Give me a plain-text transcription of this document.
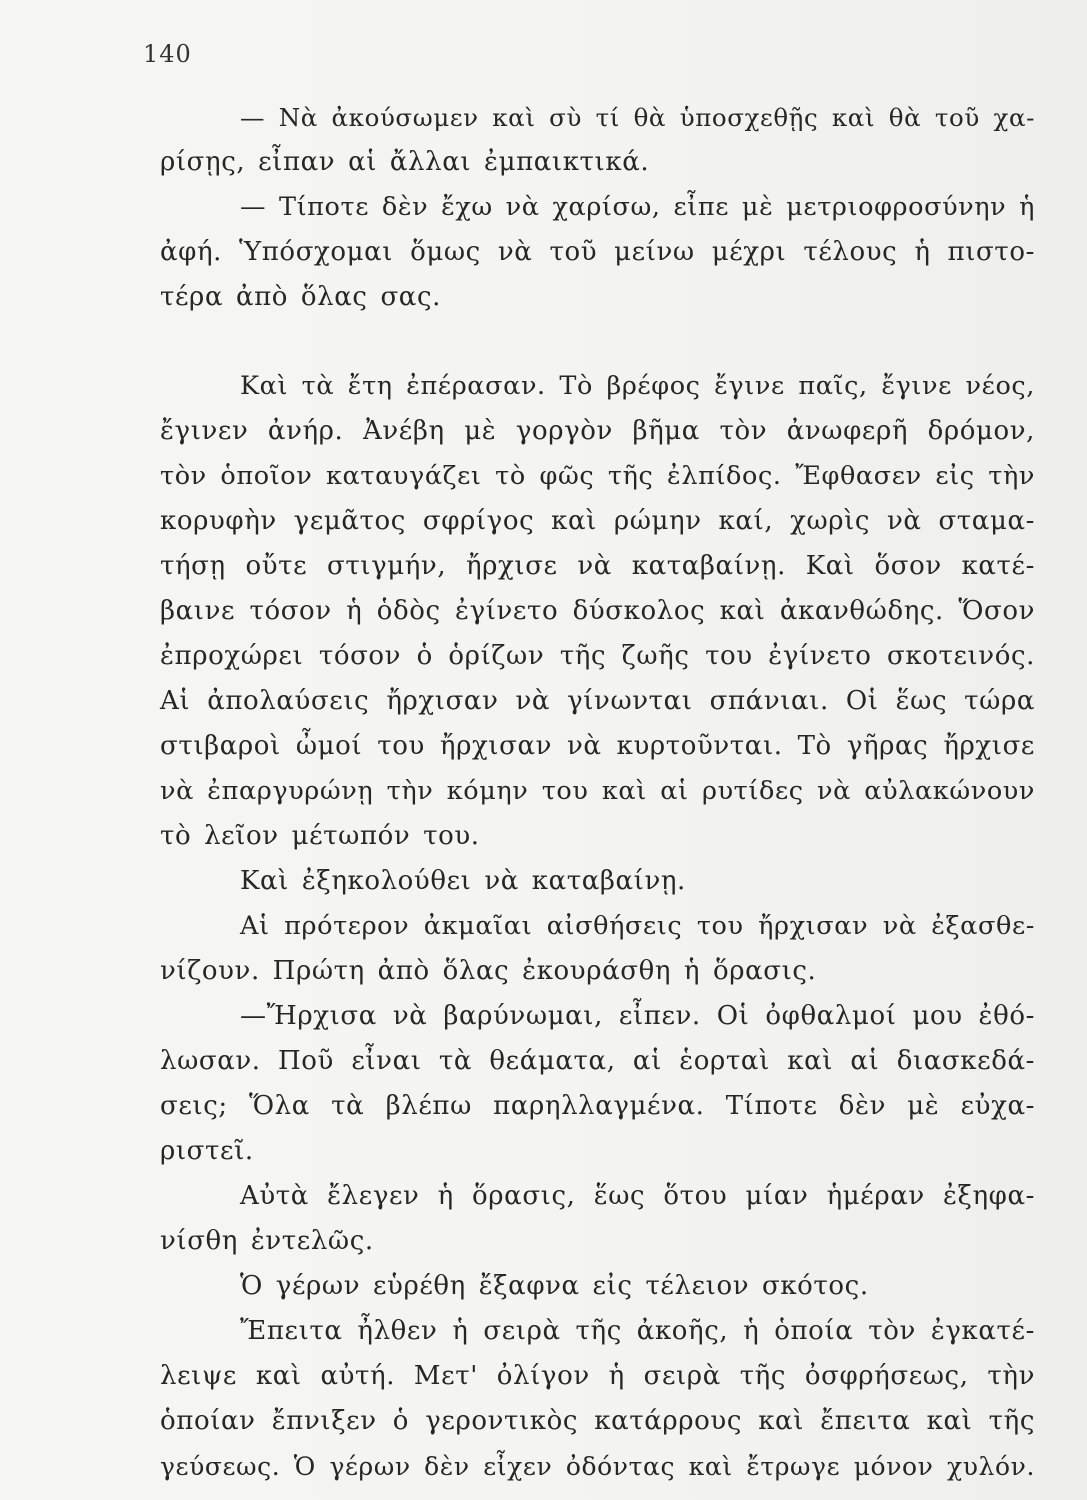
140
— Νὰ ἀκούσωμεν καὶ σὺ τί θὰ ὑποσχεθῇς καὶ θὰ τοῦ χα-
ρίσῃς, εἶπαν αἱ ἄλλαι ἐμπαικτικά.
— Τίποτε δὲν ἔχω νὰ χαρίσω, εἶπε μὲ μετριοφροσύνην ἡ
ἀφή. Ὑπόσχομαι ὅμως νὰ τοῦ μείνω μέχρι τέλους ἡ πιστο-
τέρα ἀπὸ ὅλας σας.
Καὶ τὰ ἔτη ἐπέρασαν. Τὸ βρέφος ἔγινε παῖς, ἔγινε νέος,
ἔγινεν ἀνήρ. Ἀνέβη μὲ γοργὸν βῆμα τὸν ἀνωφερῆ δρόμον,
τὸν ὁποῖον καταυγάζει τὸ φῶς τῆς ἐλπίδος. Ἔφθασεν εἰς τὴν
κορυφὴν γεμᾶτος σφρίγος καὶ ρώμην καί, χωρὶς νὰ σταμα-
τήσῃ οὔτε στιγμήν, ἤρχισε νὰ καταβαίνῃ. Καὶ ὅσον κατέ-
βαινε τόσον ἡ ὁδὸς ἐγίνετο δύσκολος καὶ ἀκανθώδης. Ὅσον
ἐπροχώρει τόσον ὁ ὁρίζων τῆς ζωῆς του ἐγίνετο σκοτεινός.
Αἱ ἀπολαύσεις ἤρχισαν νὰ γίνωνται σπάνιαι. Οἱ ἕως τώρα
στιβαροὶ ὦμοί του ἤρχισαν νὰ κυρτοῦνται. Τὸ γῆρας ἤρχισε
νὰ ἐπαργυρώνῃ τὴν κόμην του καὶ αἱ ρυτίδες νὰ αὐλακώνουν
τὸ λεῖον μέτωπόν του.
Καὶ ἐξηκολούθει νὰ καταβαίνῃ.
Αἱ πρότερον ἀκμαῖαι αἰσθήσεις του ἤρχισαν νὰ ἐξασθε-
νίζουν. Πρώτη ἀπὸ ὅλας ἐκουράσθη ἡ ὅρασις.
—Ἤρχισα νὰ βαρύνωμαι, εἶπεν. Οἱ ὀφθαλμοί μου ἐθό-
λωσαν. Ποῦ εἶναι τὰ θεάματα, αἱ ἑορταὶ καὶ αἱ διασκεδά-
σεις; Ὅλα τὰ βλέπω παρηλλαγμένα. Τίποτε δὲν μὲ εὐχα-
ριστεῖ.
Αὐτὰ ἔλεγεν ἡ ὅρασις, ἕως ὅτου μίαν ἡμέραν ἐξηφα-
νίσθη ἐντελῶς.
Ὁ γέρων εὑρέθη ἔξαφνα εἰς τέλειον σκότος.
Ἔπειτα ἦλθεν ἡ σειρὰ τῆς ἀκοῆς, ἡ ὁποία τὸν ἐγκατέ-
λειψε καὶ αὐτή. Μετ' ὀλίγον ἡ σειρὰ τῆς ὀσφρήσεως, τὴν
ὁποίαν ἔπνιξεν ὁ γεροντικὸς κατάρρους καὶ ἔπειτα καὶ τῆς
γεύσεως. Ὁ γέρων δὲν εἶχεν ὀδόντας καὶ ἔτρωγε μόνον χυλόν.
